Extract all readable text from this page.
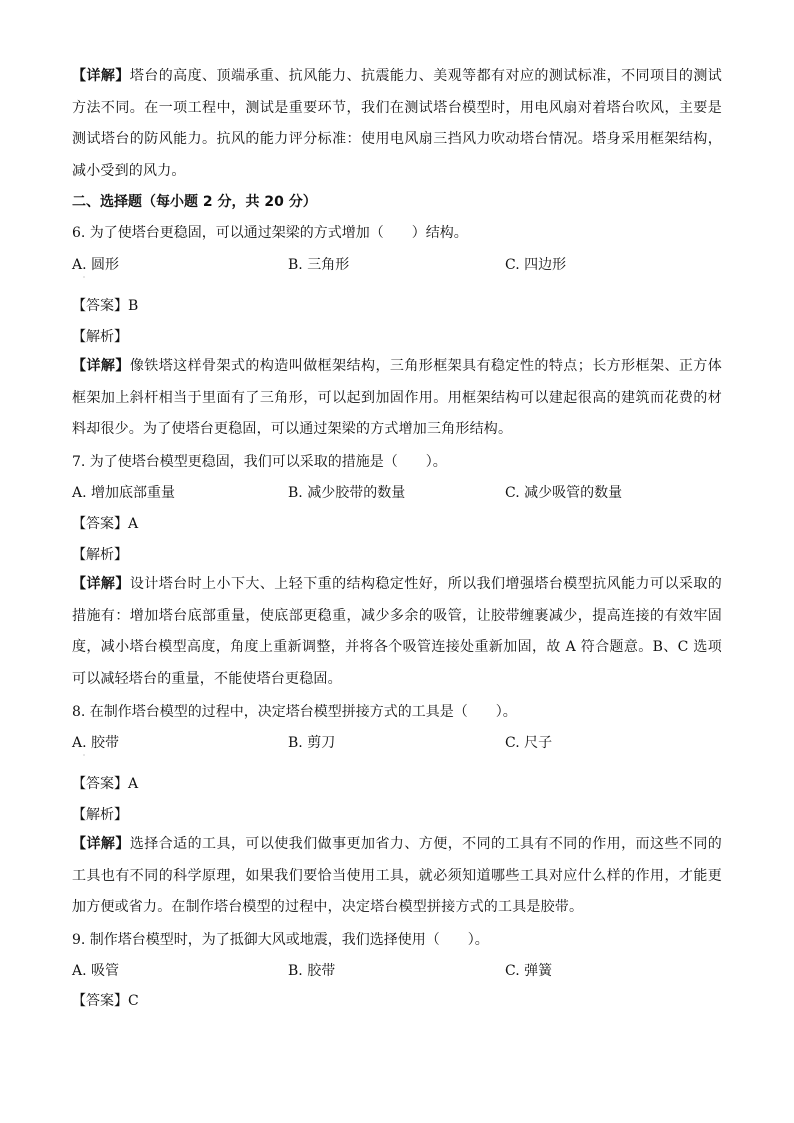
【详解】塔台的高度、顶端承重、抗风能力、抗震能力、美观等都有对应的测试标准，不同项目的测试方法不同。在一项工程中，测试是重要环节，我们在测试塔台模型时，用电风扇对着塔台吹风，主要是测试塔台的防风能力。抗风的能力评分标准：使用电风扇三挡风力吹动塔台情况。塔身采用框架结构，减小受到的风力。
二、选择题（每小题 2 分，共 20 分）
6. 为了使塔台更稳固，可以通过架梁的方式增加（　　）结构。
A. 圆形	B. 三角形	C. 四边形
˙
【答案】B
【解析】
【详解】像铁塔这样骨架式的构造叫做框架结构，三角形框架具有稳定性的特点；长方形框架、正方体框架加上斜杆相当于里面有了三角形，可以起到加固作用。用框架结构可以建起很高的建筑而花费的材料却很少。为了使塔台更稳固，可以通过架梁的方式增加三角形结构。
7. 为了使塔台模型更稳固，我们可以采取的措施是（　　）。
A. 增加底部重量	B. 减少胶带的数量	C. 减少吸管的数量
【答案】A
【解析】
【详解】设计塔台时上小下大、上轻下重的结构稳定性好，所以我们增强塔台模型抗风能力可以采取的措施有：增加塔台底部重量，使底部更稳重，减少多余的吸管，让胶带缠裹减少，提高连接的有效牢固度，减小塔台模型高度，角度上重新调整，并将各个吸管连接处重新加固，故 A 符合题意。B、C 选项可以减轻塔台的重量，不能使塔台更稳固。
8. 在制作塔台模型的过程中，决定塔台模型拼接方式的工具是（　　）。
A. 胶带	B. 剪刀	C. 尺子
˙
【答案】A
【解析】
【详解】选择合适的工具，可以使我们做事更加省力、方便，不同的工具有不同的作用，而这些不同的工具也有不同的科学原理，如果我们要恰当使用工具，就必须知道哪些工具对应什么样的作用，才能更加方便或省力。在制作塔台模型的过程中，决定塔台模型拼接方式的工具是胶带。
9. 制作塔台模型时，为了抵御大风或地震，我们选择使用（　　）。
A. 吸管	B. 胶带	C. 弹簧
【答案】C
